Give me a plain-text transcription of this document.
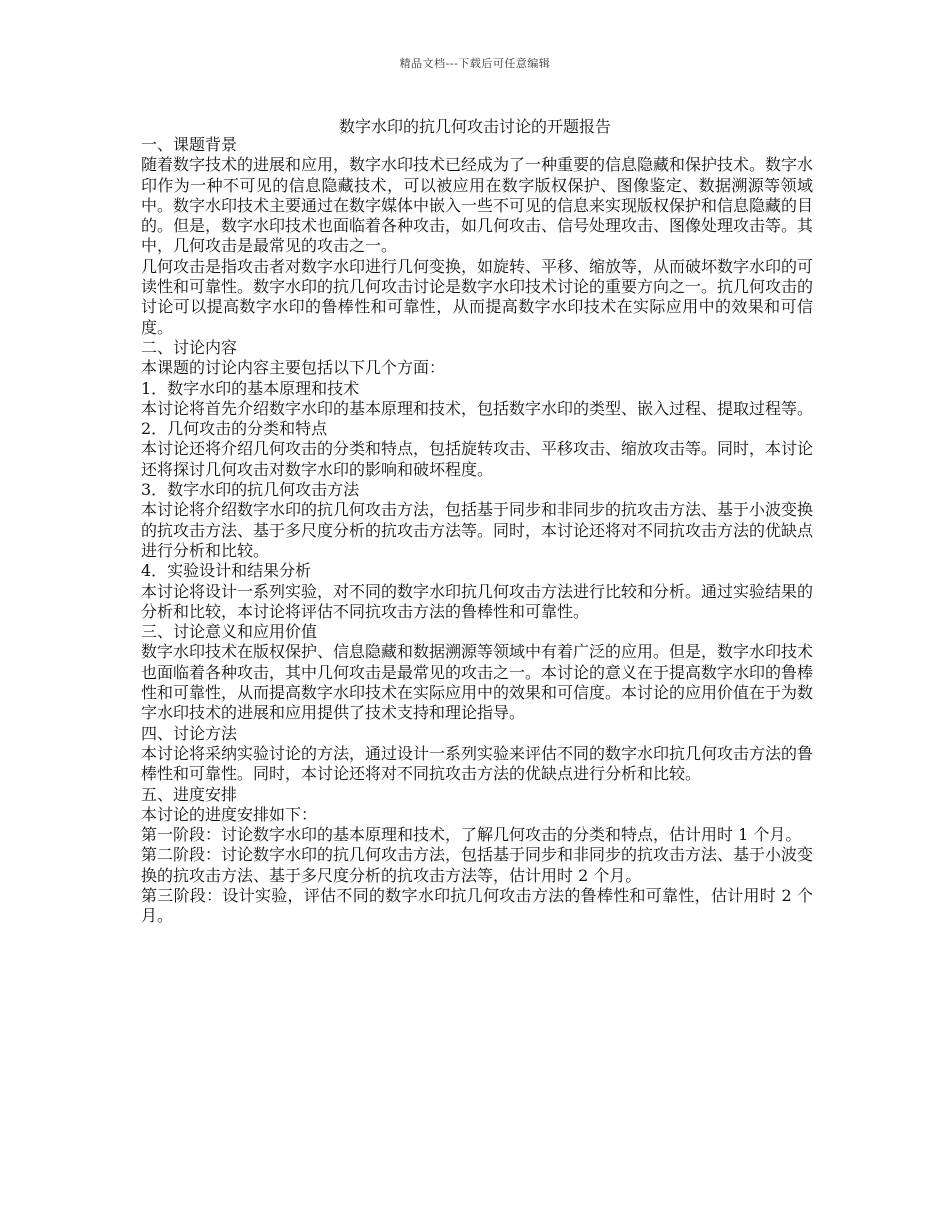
精品文档---下载后可任意编辑
数字水印的抗几何攻击讨论的开题报告

一、课题背景

随着数字技术的进展和应用，数字水印技术已经成为了一种重要的信息隐藏和保护技术。数字水印作为一种不可见的信息隐藏技术，可以被应用在数字版权保护、图像鉴定、数据溯源等领域中。数字水印技术主要通过在数字媒体中嵌入一些不可见的信息来实现版权保护和信息隐藏的目的。但是，数字水印技术也面临着各种攻击，如几何攻击、信号处理攻击、图像处理攻击等。其中，几何攻击是最常见的攻击之一。

几何攻击是指攻击者对数字水印进行几何变换，如旋转、平移、缩放等，从而破坏数字水印的可读性和可靠性。数字水印的抗几何攻击讨论是数字水印技术讨论的重要方向之一。抗几何攻击的讨论可以提高数字水印的鲁棒性和可靠性，从而提高数字水印技术在实际应用中的效果和可信度。

二、讨论内容

本课题的讨论内容主要包括以下几个方面：

1．数字水印的基本原理和技术

本讨论将首先介绍数字水印的基本原理和技术，包括数字水印的类型、嵌入过程、提取过程等。

2．几何攻击的分类和特点

本讨论还将介绍几何攻击的分类和特点，包括旋转攻击、平移攻击、缩放攻击等。同时，本讨论还将探讨几何攻击对数字水印的影响和破坏程度。

3．数字水印的抗几何攻击方法

本讨论将介绍数字水印的抗几何攻击方法，包括基于同步和非同步的抗攻击方法、基于小波变换的抗攻击方法、基于多尺度分析的抗攻击方法等。同时，本讨论还将对不同抗攻击方法的优缺点进行分析和比较。

4．实验设计和结果分析

本讨论将设计一系列实验，对不同的数字水印抗几何攻击方法进行比较和分析。通过实验结果的分析和比较，本讨论将评估不同抗攻击方法的鲁棒性和可靠性。

三、讨论意义和应用价值

数字水印技术在版权保护、信息隐藏和数据溯源等领域中有着广泛的应用。但是，数字水印技术也面临着各种攻击，其中几何攻击是最常见的攻击之一。本讨论的意义在于提高数字水印的鲁棒性和可靠性，从而提高数字水印技术在实际应用中的效果和可信度。本讨论的应用价值在于为数字水印技术的进展和应用提供了技术支持和理论指导。

四、讨论方法

本讨论将采纳实验讨论的方法，通过设计一系列实验来评估不同的数字水印抗几何攻击方法的鲁棒性和可靠性。同时，本讨论还将对不同抗攻击方法的优缺点进行分析和比较。

五、进度安排

本讨论的进度安排如下：

第一阶段：讨论数字水印的基本原理和技术，了解几何攻击的分类和特点，估计用时 1 个月。

第二阶段：讨论数字水印的抗几何攻击方法，包括基于同步和非同步的抗攻击方法、基于小波变换的抗攻击方法、基于多尺度分析的抗攻击方法等，估计用时 2 个月。

第三阶段：设计实验，评估不同的数字水印抗几何攻击方法的鲁棒性和可靠性，估计用时 2 个月。
